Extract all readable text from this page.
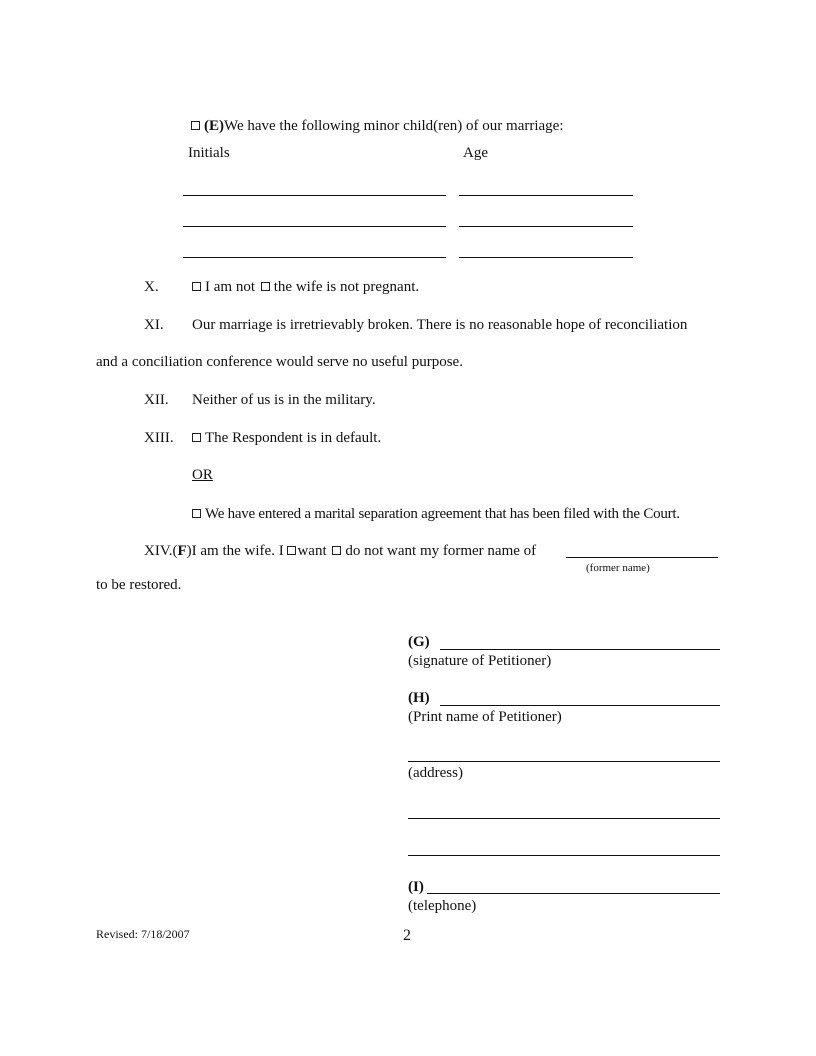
(E)We have the following minor child(ren) of our marriage:
Initials	Age
X.	I am not the wife is not pregnant.
XI. Our marriage is irretrievably broken. There is no reasonable hope of reconciliation
and a conciliation conference would serve no useful purpose.
XII. Neither of us is in the military.
XIII.	The Respondent is in default.
OR
We have entered a marital separation agreement that has been filed with the Court.
XIV.(F)I am the wife. I want do not want my former name of
(former name)
to be restored.
(G)
(signature of Petitioner)
(H)
(Print name of Petitioner)
(address)
(I)
(telephone)
Revised: 7/18/2007	2
